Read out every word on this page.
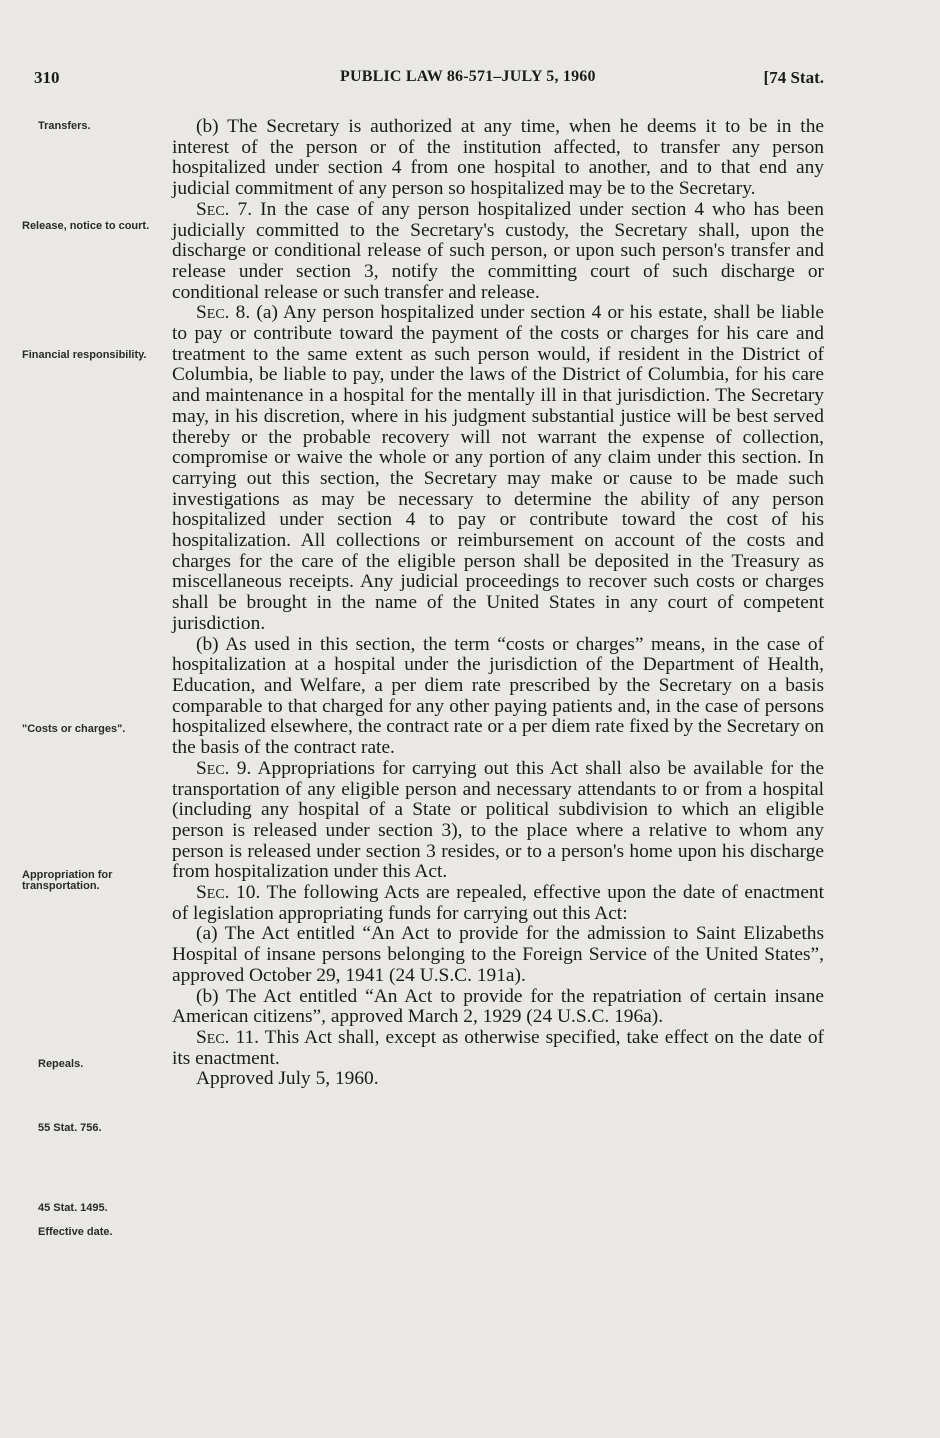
310	PUBLIC LAW 86-571–JULY 5, 1960	[74 Stat.
Transfers.
Release, notice to court.
Financial responsibility.
"Costs or charges".
Appropriation for transportation.
Repeals.
55 Stat. 756.
45 Stat. 1495.
Effective date.

(b) The Secretary is authorized at any time, when he deems it to be in the interest of the person or of the institution affected, to transfer any person hospitalized under section 4 from one hospital to another, and to that end any judicial commitment of any person so hospitalized may be to the Secretary.

Sec. 7. In the case of any person hospitalized under section 4 who has been judicially committed to the Secretary's custody, the Secretary shall, upon the discharge or conditional release of such person, or upon such person's transfer and release under section 3, notify the committing court of such discharge or conditional release or such transfer and release.

Sec. 8. (a) Any person hospitalized under section 4 or his estate, shall be liable to pay or contribute toward the payment of the costs or charges for his care and treatment to the same extent as such person would, if resident in the District of Columbia, be liable to pay, under the laws of the District of Columbia, for his care and maintenance in a hospital for the mentally ill in that jurisdiction. The Secretary may, in his discretion, where in his judgment substantial justice will be best served thereby or the probable recovery will not warrant the expense of collection, compromise or waive the whole or any portion of any claim under this section. In carrying out this section, the Secretary may make or cause to be made such investigations as may be necessary to determine the ability of any person hospitalized under section 4 to pay or contribute toward the cost of his hospitalization. All collections or reimbursement on account of the costs and charges for the care of the eligible person shall be deposited in the Treasury as miscellaneous receipts. Any judicial proceedings to recover such costs or charges shall be brought in the name of the United States in any court of competent jurisdiction.

(b) As used in this section, the term “costs or charges” means, in the case of hospitalization at a hospital under the jurisdiction of the Department of Health, Education, and Welfare, a per diem rate prescribed by the Secretary on a basis comparable to that charged for any other paying patients and, in the case of persons hospitalized elsewhere, the contract rate or a per diem rate fixed by the Secretary on the basis of the contract rate.

Sec. 9. Appropriations for carrying out this Act shall also be available for the transportation of any eligible person and necessary attendants to or from a hospital (including any hospital of a State or political subdivision to which an eligible person is released under section 3), to the place where a relative to whom any person is released under section 3 resides, or to a person's home upon his discharge from hospitalization under this Act.

Sec. 10. The following Acts are repealed, effective upon the date of enactment of legislation appropriating funds for carrying out this Act:

(a) The Act entitled “An Act to provide for the admission to Saint Elizabeths Hospital of insane persons belonging to the Foreign Service of the United States”, approved October 29, 1941 (24 U.S.C. 191a).

(b) The Act entitled “An Act to provide for the repatriation of certain insane American citizens”, approved March 2, 1929 (24 U.S.C. 196a).

Sec. 11. This Act shall, except as otherwise specified, take effect on the date of its enactment.

Approved July 5, 1960.
